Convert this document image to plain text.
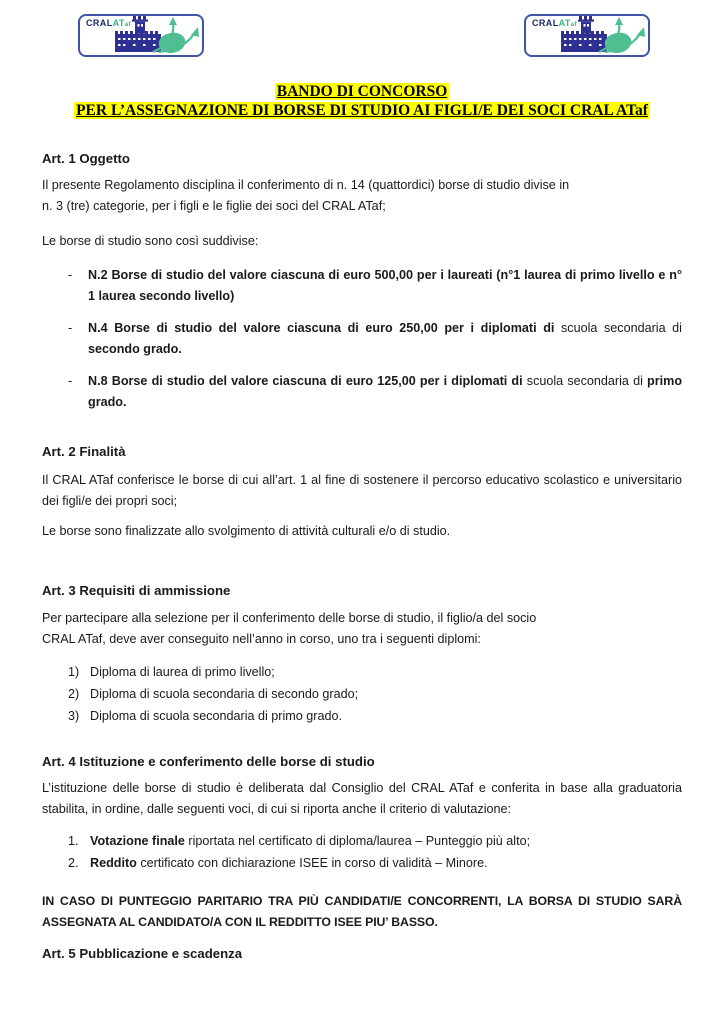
CRALATaf	CRALATaf
BANDO DI CONCORSO
PER L’ASSEGNAZIONE DI BORSE DI STUDIO AI FIGLI/E DEI SOCI CRAL ATaf
Art. 1 Oggetto
Il presente Regolamento disciplina il conferimento di n. 14 (quattordici) borse di studio divise in
n. 3 (tre) categorie, per i figli e le figlie dei soci del CRAL ATaf;
Le borse di studio sono così suddivise:
-	N.2 Borse di studio del valore ciascuna di euro 500,00 per i laureati (n°1 laurea di primo livello e n° 1 laurea secondo livello)
-	N.4 Borse di studio del valore ciascuna di euro 250,00 per i diplomati di scuola secondaria di secondo grado.
-	N.8 Borse di studio del valore ciascuna di euro 125,00 per i diplomati di scuola secondaria di primo grado.
Art. 2 Finalità
Il CRAL ATaf conferisce le borse di cui all’art. 1 al fine di sostenere il percorso educativo scolastico e universitario dei figli/e dei propri soci;
Le borse sono finalizzate allo svolgimento di attività culturali e/o di studio.
Art. 3 Requisiti di ammissione
Per partecipare alla selezione per il conferimento delle borse di studio, il figlio/a del socio
CRAL ATaf, deve aver conseguito nell’anno in corso, uno tra i seguenti diplomi:
1) Diploma di laurea di primo livello;
2) Diploma di scuola secondaria di secondo grado;
3) Diploma di scuola secondaria di primo grado.
Art. 4 Istituzione e conferimento delle borse di studio
L’istituzione delle borse di studio è deliberata dal Consiglio del CRAL ATaf e conferita in base alla graduatoria stabilita, in ordine, dalle seguenti voci, di cui si riporta anche il criterio di valutazione:
1. Votazione finale riportata nel certificato di diploma/laurea – Punteggio più alto;
2. Reddito certificato con dichiarazione ISEE in corso di validità – Minore.
IN CASO DI PUNTEGGIO PARITARIO TRA PIÙ CANDIDATI/E CONCORRENTI, LA BORSA DI STUDIO SARÀ ASSEGNATA AL CANDIDATO/A CON IL REDDITTO ISEE PIU’ BASSO.
Art. 5 Pubblicazione e scadenza
